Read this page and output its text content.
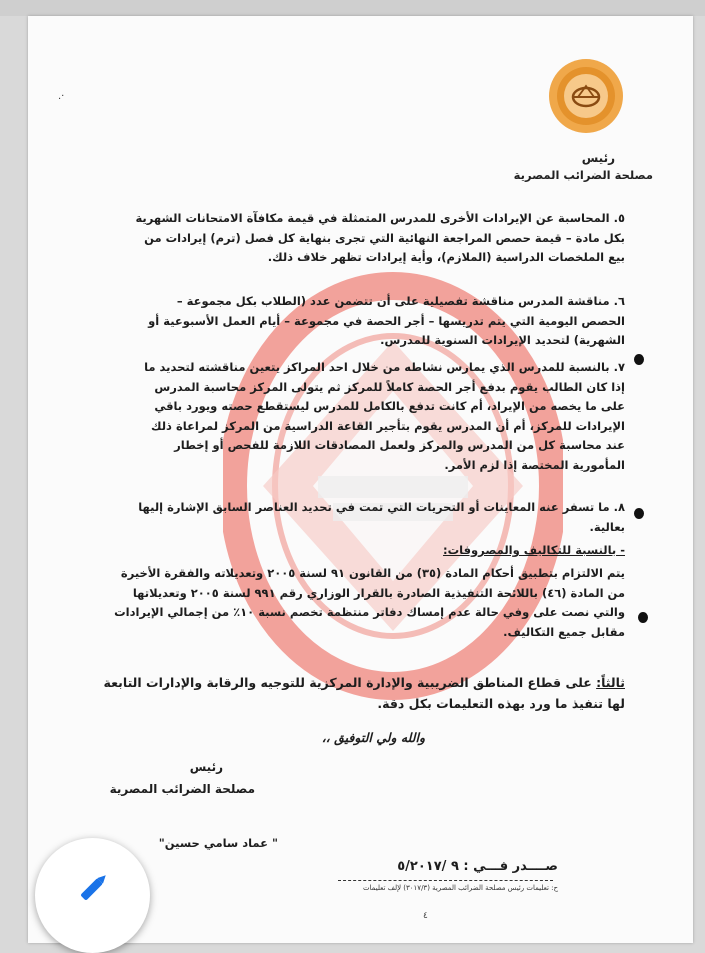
رئيس
مصلحة الضرائب المصرية
٥. المحاسبة عن الإيرادات الأخرى للمدرس المتمثلة في قيمة مكافآة الامتحانات الشهرية بكل مادة – قيمة حصص المراجعة النهائية التي تجرى بنهاية كل فصل (ترم) إيرادات من بيع الملخصات الدراسية (الملازم)، وأية إيرادات تظهر خلاف ذلك.
٦. مناقشة المدرس مناقشة تفصيلية على أن تتضمن عدد (الطلاب بكل مجموعة – الحصص اليومية التي يتم تدريسها – أجر الحصة في مجموعة – أيام العمل الأسبوعية أو الشهرية) لتحديد الإيرادات السنوية للمدرس.
٧. بالنسبة للمدرس الذي يمارس نشاطه من خلال احد المراكز يتعين مناقشته لتحديد ما إذا كان الطالب يقوم بدفع أجر الحصة كاملاً للمركز ثم يتولى المركز محاسبة المدرس على ما يخصه من الإيراد، أم كانت تدفع بالكامل للمدرس ليستقطع حصته ويورد باقي الإيرادات للمركز، أم أن المدرس يقوم بتأجير القاعة الدراسية من المركز لمراعاة ذلك عند محاسبة كل من المدرس والمركز ولعمل المصادقات اللازمة للفحص أو إخطار المأمورية المختصة إذا لزم الأمر.
٨. ما تسفر عنه المعاينات أو التحريات التي تمت في تحديد العناصر السابق الإشارة إليها بعالية.
- بالنسبة للتكاليف والمصروفات:
يتم الالتزام بتطبيق أحكام المادة (٣٥) من القانون ٩١ لسنة ٢٠٠٥ وتعديلاته والفقرة الأخيرة من المادة (٤٦) باللائحة التنفيذية الصادرة بالقرار الوزاري رقم ٩٩١ لسنة ٢٠٠٥ وتعديلاتها والتي نصت على وفي حالة عدم إمساك دفاتر منتظمة تخصم نسبة ١٠٪ من إجمالي الإيرادات مقابل جميع التكاليف.
ثالثاً: على قطاع المناطق الضريبية والإدارة المركزية للتوجيه والرقابة والإدارات التابعة لها تنفيذ ما ورد بهذه التعليمات بكل دقة.
والله ولي التوفيق ،،
رئيس
مصلحة الضرائب المصرية
" عماد سامي حسين"
صــــدر فـــي : ٩ /٥/٢٠١٧
ح: تعليمات رئيس مصلحة الضرائب المصرية (٣٠١٧/٣) لإلف تعليمات
٤
.·
